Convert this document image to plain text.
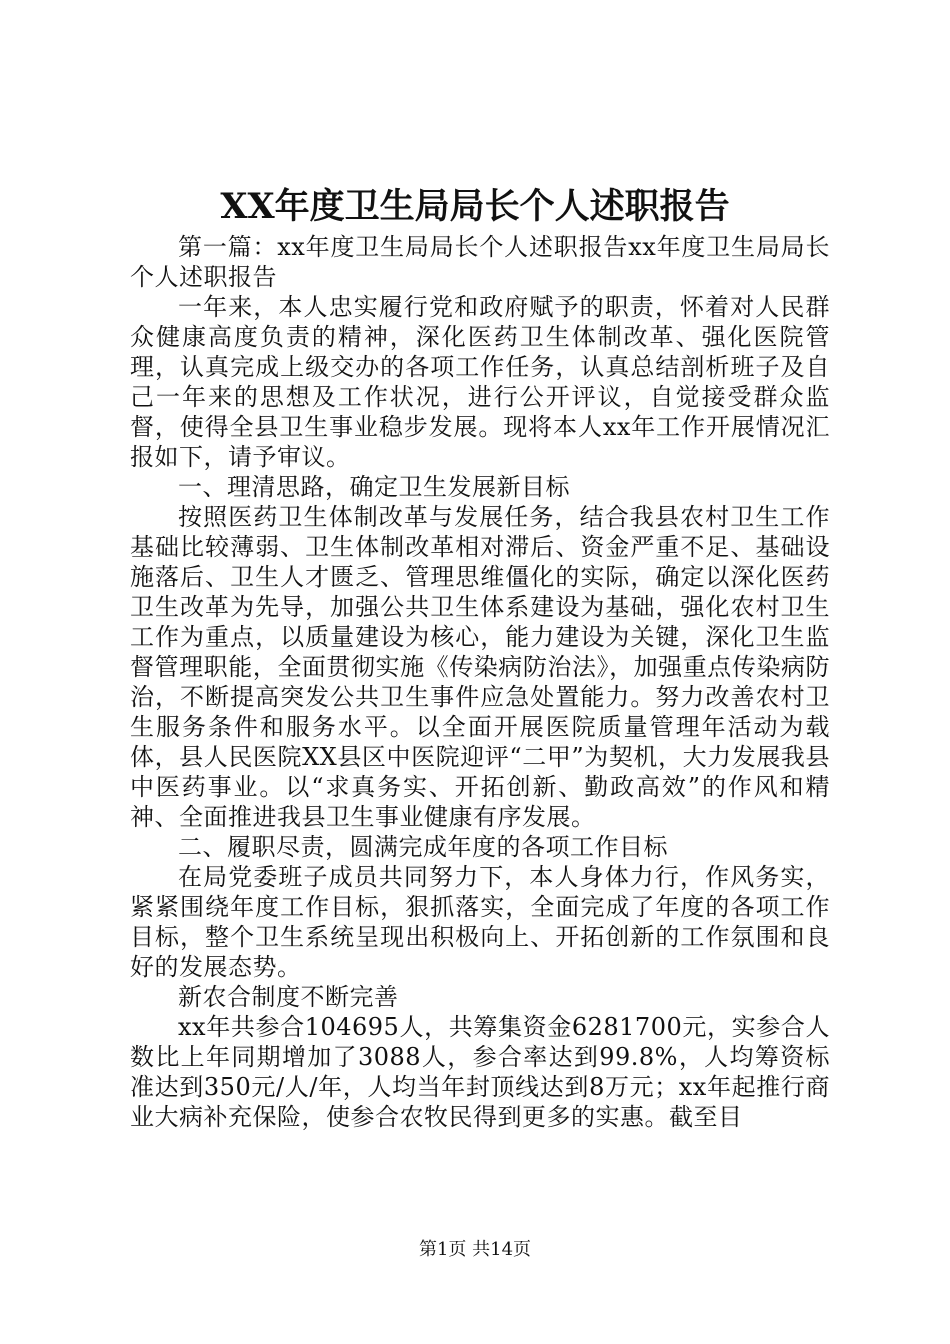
XX年度卫生局局长个人述职报告

第一篇：xx年度卫生局局长个人述职报告xx年度卫生局局长个人述职报告

一年来，本人忠实履行党和政府赋予的职责，怀着对人民群众健康高度负责的精神，深化医药卫生体制改革、强化医院管理，认真完成上级交办的各项工作任务，认真总结剖析班子及自己一年来的思想及工作状况，进行公开评议，自觉接受群众监督，使得全县卫生事业稳步发展。现将本人xx年工作开展情况汇报如下，请予审议。

一、理清思路，确定卫生发展新目标

按照医药卫生体制改革与发展任务，结合我县农村卫生工作基础比较薄弱、卫生体制改革相对滞后、资金严重不足、基础设施落后、卫生人才匮乏、管理思维僵化的实际，确定以深化医药卫生改革为先导，加强公共卫生体系建设为基础，强化农村卫生工作为重点，以质量建设为核心，能力建设为关键，深化卫生监督管理职能，全面贯彻实施《传染病防治法》，加强重点传染病防治，不断提高突发公共卫生事件应急处置能力。努力改善农村卫生服务条件和服务水平。以全面开展医院质量管理年活动为载体，县人民医院XX县区中医院迎评“二甲”为契机，大力发展我县中医药事业。以“求真务实、开拓创新、勤政高效”的作风和精神、全面推进我县卫生事业健康有序发展。

二、履职尽责，圆满完成年度的各项工作目标

在局党委班子成员共同努力下，本人身体力行，作风务实，紧紧围绕年度工作目标，狠抓落实，全面完成了年度的各项工作目标，整个卫生系统呈现出积极向上、开拓创新的工作氛围和良好的发展态势。

新农合制度不断完善

xx年共参合104695人，共筹集资金6281700元，实参合人数比上年同期增加了3088人，参合率达到99.8%，人均筹资标准达到350元/人/年，人均当年封顶线达到8万元；xx年起推行商业大病补充保险，使参合农牧民得到更多的实惠。截至目

第1页 共14页
